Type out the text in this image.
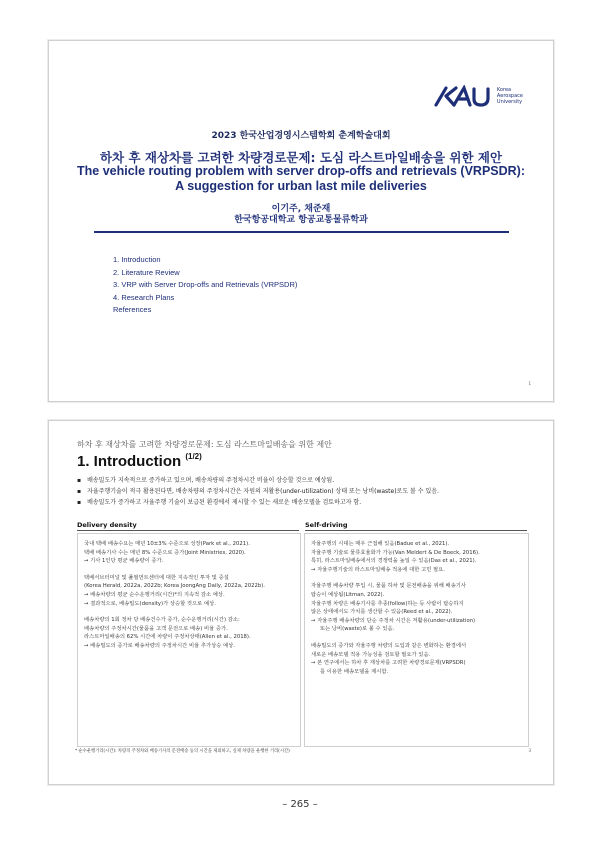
Korea
Aerospace
University
2023 한국산업경영시스템학회 춘계학술대회
하차 후 재상차를 고려한 차량경로문제: 도심 라스트마일배송을 위한 제안
The vehicle routing problem with server drop-offs and retrievals (VRPSDR):
A suggestion for urban last mile deliveries
이기주, 채준재
한국항공대학교 항공교통물류학과
1. Introduction
2. Literature Review
3. VRP with Server Drop-offs and Retrievals (VRPSDR)
4. Research Plans
References
1
하차 후 재상차를 고려한 차량경로문제: 도심 라스트마일배송을 위한 제안
1. Introduction $^{(1/2)}$
▪ 배송밀도가 지속적으로 증가하고 있으며, 배송차량의 주정차시간 비율이 상승할 것으로 예상됨.
▪ 자율주행기술이 적극 활용된다면, 배송차량의 주정차시간은 자원의 저활용(under-utilization) 상태 또는 낭비(waste)로도 볼 수 있음.
▪ 배송밀도가 증가하고 자율주행 기술이 보급된 환경에서 제시할 수 있는 새로운 배송모델을 검토하고자 함.
Delivery density	Self-driving

국내 택배 배송수요는 매년 10±3% 수준으로 성장(Park et al., 2021).

택배 배송기사 수는 매년 8% 수준으로 증가(Joint Ministries, 2020).

→ 기사 1인당 평균 배송량이 증가.

택배서브터미널 및 풀필먼트센터에 대한 지속적인 투자 및 증설

(Korea Herald, 2022a, 2022b; Korea JoongAng Daily, 2022a, 2022b).

→ 배송차량의 평균 순수운행거리(시간)*의 지속적 감소 예상.

→ 결과적으로, 배송밀도(density)가 상승할 것으로 예상.

배송차량의 1회 정차 당 배송건수가 증가, 순수운행거리(시간) 감소:

배송차량의 주정차시간(물품을 고객 문전으로 배송) 비율 증가.

라스트마일배송의 62% 시간에 차량이 주정차상태(Allen et al., 2018).

→ 배송밀도의 증가로 배송차량의 주정차시간 비율 추가상승 예상.

자율주행의 시대는 매우 근접해 있음(Badue et al., 2021).

자율주행 기술로 물류효율화가 가능(Van Meldert & De Boeck, 2016).

특히, 라스트마일배송에서의 경쟁력을 높일 수 있음(Das et al., 2021).

→ 자율주행기술의 라스트마일배송 적용에 대한 고민 필요.

자율주행 배송차량 투입 시, 물품 하차 및 문전배송을 위해 배송기사

탑승이 예상됨(Litman, 2022).

자율주행 차량은 배송기사를 추종(follow)하는 등 사람이 탑승하지

않은 상태에서도 가치를 생산할 수 있음(Reed et al., 2022).

→ 자율주행 배송차량의 단순 주정차 시간은 저활용(under-utilization)

또는 낭비(waste)로 볼 수 있음.

배송밀도의 증가와 자율주행 차량의 도입과 같은 변화하는 환경에서

새로운 배송모델 적용 가능성을 검토할 필요가 있음.

→ 본 연구에서는 하차 후 재상차를 고려한 차량경로문제(VRPSDR)

를 이용한 배송모델을 제시함.

* 순수운행거리(시간): 차량의 주정차와 배송기사의 문전배송 등의 시간을 제외하고, 실제 차량을 운행한 거리(시간)	3
– 265 –
